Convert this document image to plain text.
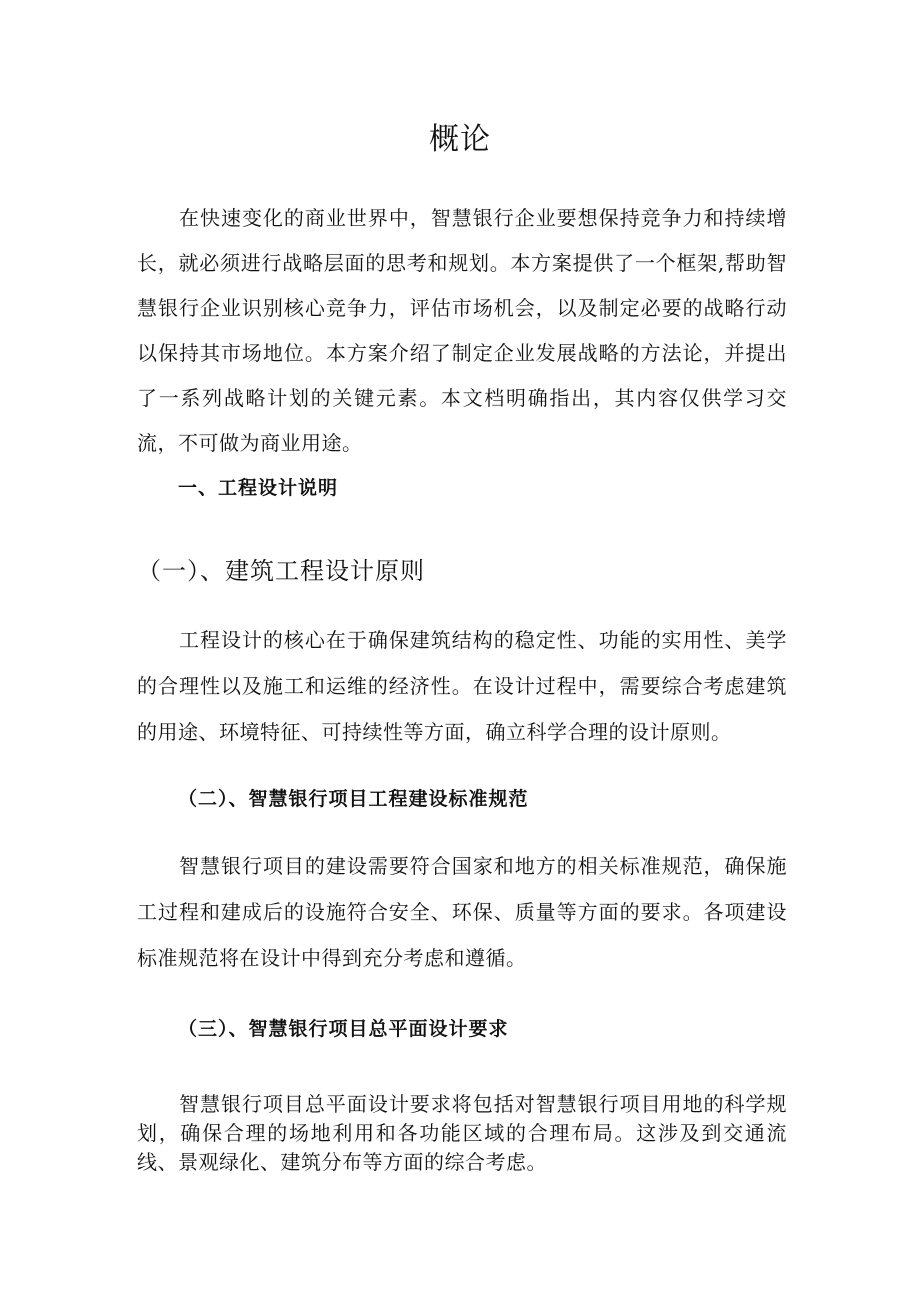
概论

在快速变化的商业世界中，智慧银行企业要想保持竞争力和持续增长，就必须进行战略层面的思考和规划。本方案提供了一个框架,帮助智慧银行企业识别核心竞争力，评估市场机会，以及制定必要的战略行动以保持其市场地位。本方案介绍了制定企业发展战略的方法论，并提出了一系列战略计划的关键元素。本文档明确指出，其内容仅供学习交流，不可做为商业用途。

一、工程设计说明
（一）、建筑工程设计原则

工程设计的核心在于确保建筑结构的稳定性、功能的实用性、美学的合理性以及施工和运维的经济性。在设计过程中，需要综合考虑建筑的用途、环境特征、可持续性等方面，确立科学合理的设计原则。

（二）、智慧银行项目工程建设标准规范

智慧银行项目的建设需要符合国家和地方的相关标准规范，确保施工过程和建成后的设施符合安全、环保、质量等方面的要求。各项建设标准规范将在设计中得到充分考虑和遵循。

（三）、智慧银行项目总平面设计要求

智慧银行项目总平面设计要求将包括对智慧银行项目用地的科学规划，确保合理的场地利用和各功能区域的合理布局。这涉及到交通流线、景观绿化、建筑分布等方面的综合考虑。
